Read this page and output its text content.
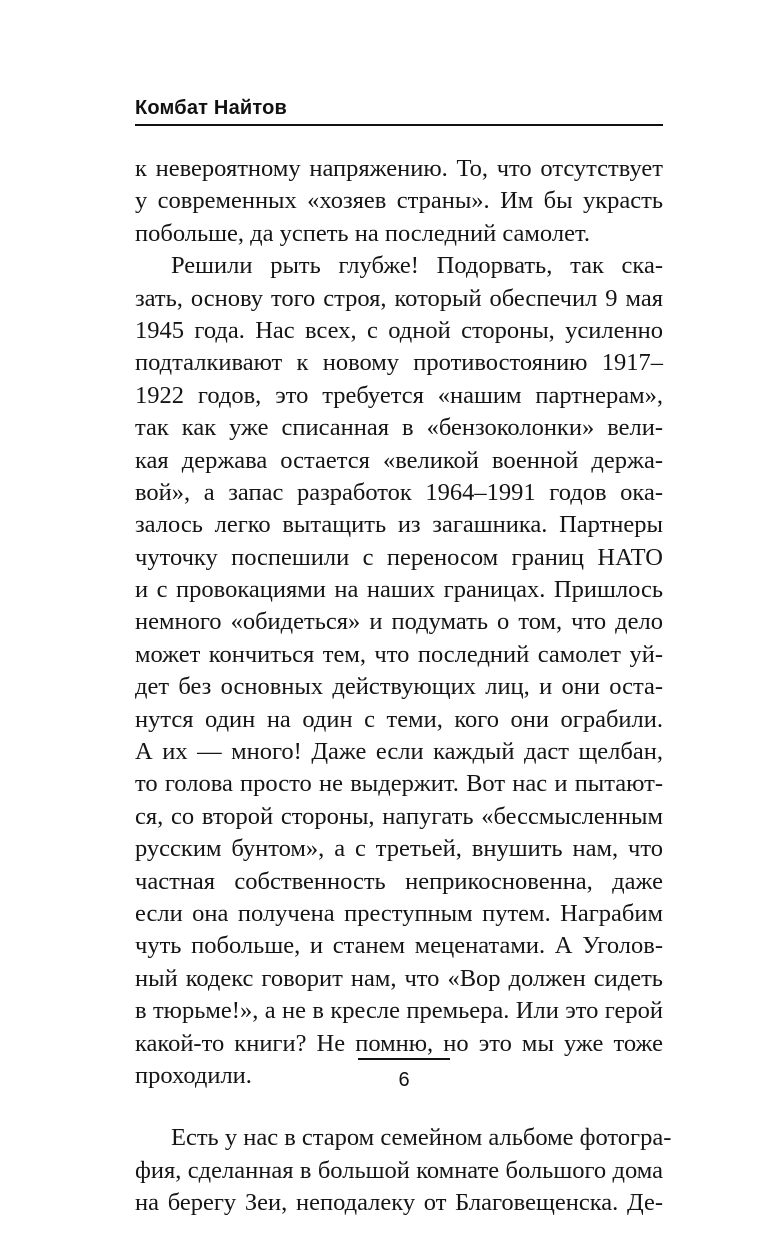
Комбат Найтов
к невероятному напряжению. То, что отсутствует
у современных «хозяев страны». Им бы украсть
побольше, да успеть на последний самолет.
Решили рыть глубже! Подорвать, так ска-
зать, основу того строя, который обеспечил 9 мая
1945 года. Нас всех, с одной стороны, усиленно
подталкивают к новому противостоянию 1917–
1922 годов, это требуется «нашим партнерам»,
так как уже списанная в «бензоколонки» вели-
кая держава остается «великой военной держа-
вой», а запас разработок 1964–1991 годов ока-
залось легко вытащить из загашника. Партнеры
чуточку поспешили с переносом границ НАТО
и с провокациями на наших границах. Пришлось
немного «обидеться» и подумать о том, что дело
может кончиться тем, что последний самолет уй-
дет без основных действующих лиц, и они оста-
нутся один на один с теми, кого они ограбили.
А их — много! Даже если каждый даст щелбан,
то голова просто не выдержит. Вот нас и пытают-
ся, со второй стороны, напугать «бессмысленным
русским бунтом», а с третьей, внушить нам, что
частная собственность неприкосновенна, даже
если она получена преступным путем. Награбим
чуть побольше, и станем меценатами. А Уголов-
ный кодекс говорит нам, что «Вор должен сидеть
в тюрьме!», а не в кресле премьера. Или это герой
какой-то книги? Не помню, но это мы уже тоже
проходили.
Есть у нас в старом семейном альбоме фотогра-
фия, сделанная в большой комнате большого дома
на берегу Зеи, неподалеку от Благовещенска. Де-
6
